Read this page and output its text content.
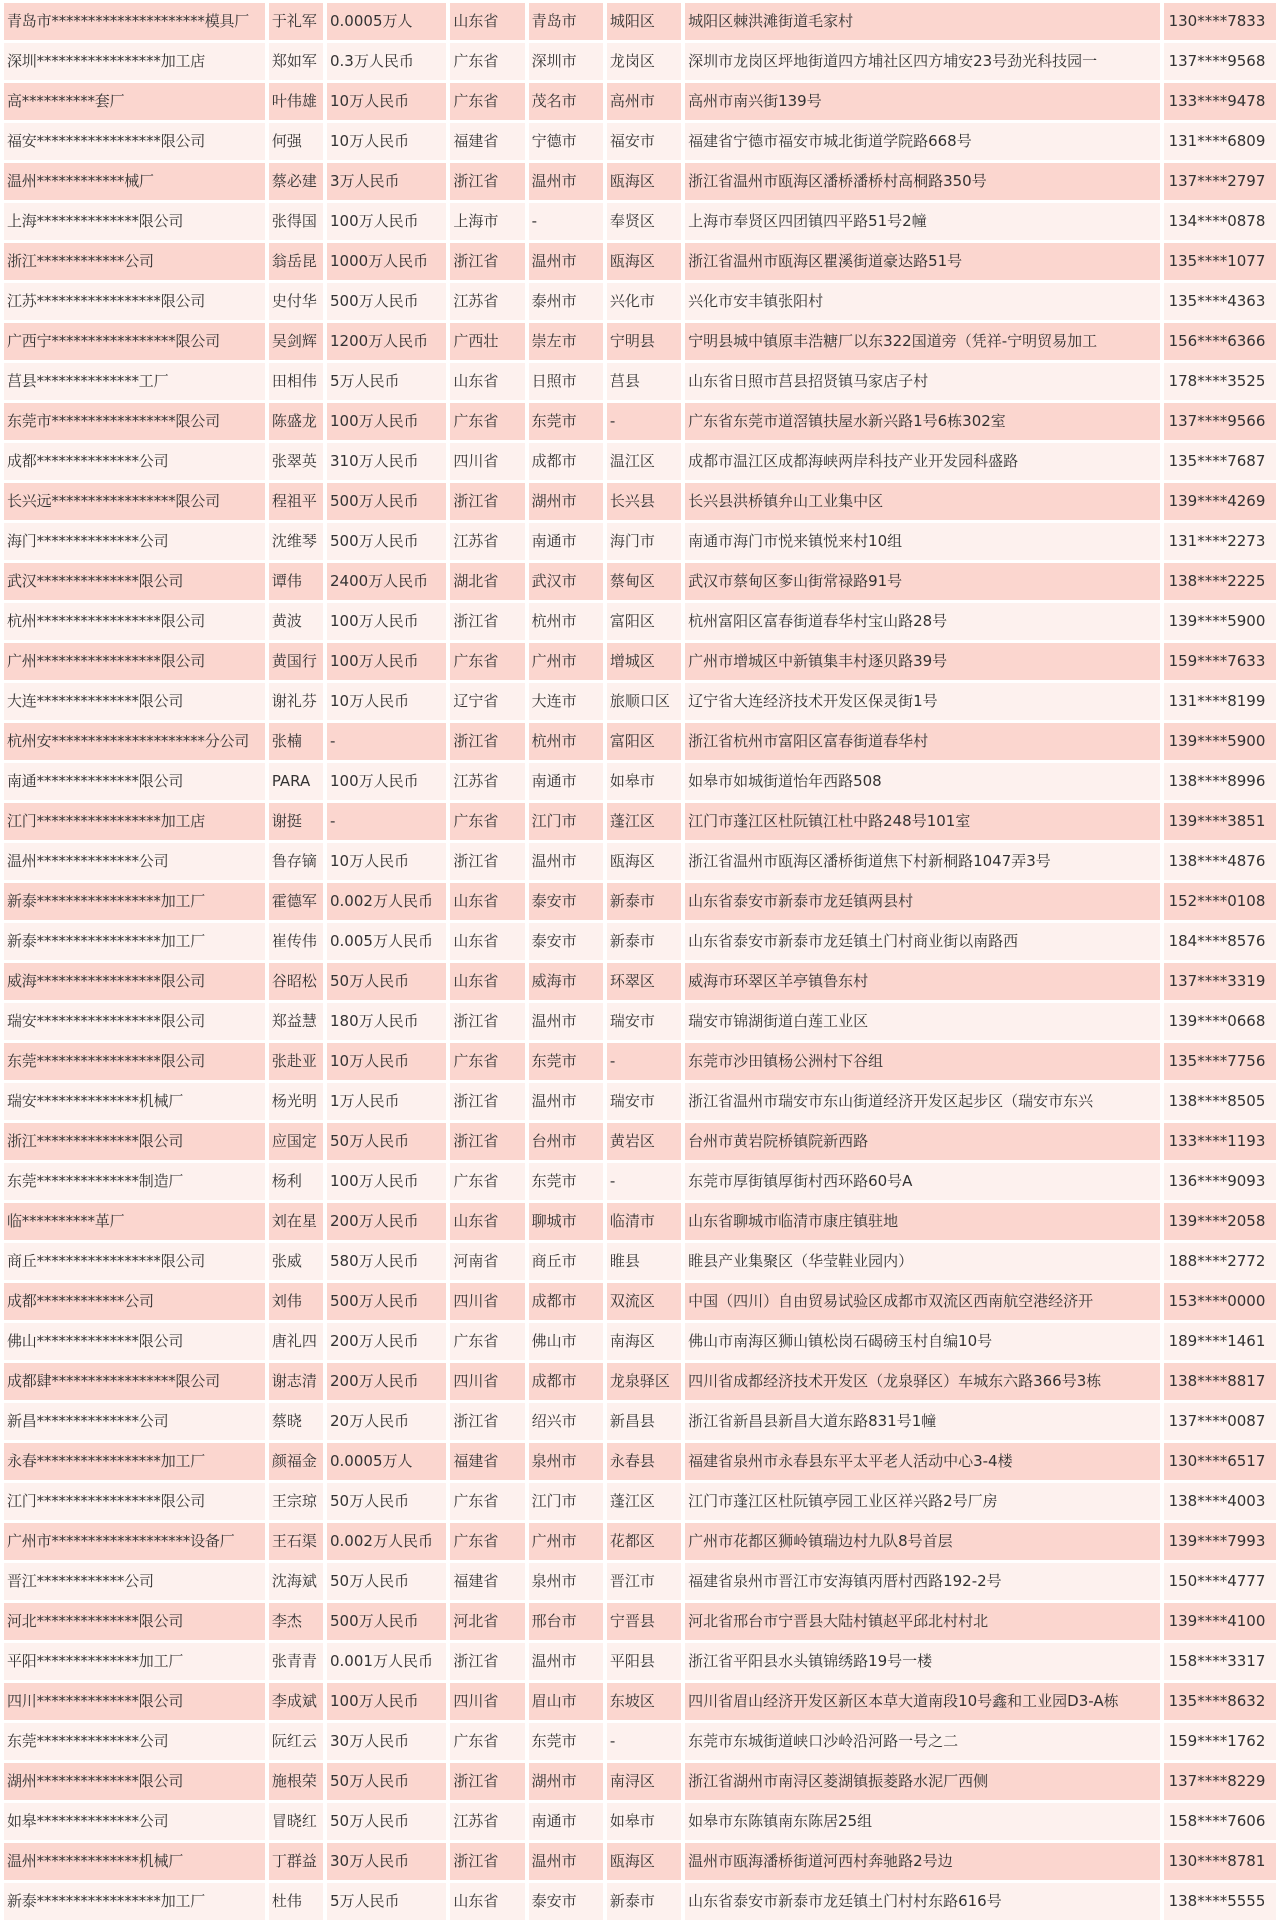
青岛市*********************模具厂	于礼军	0.0005万人	山东省	青岛市	城阳区	城阳区棘洪滩街道毛家村	130****7833
深圳*****************加工店	郑如军	0.3万人民币	广东省	深圳市	龙岗区	深圳市龙岗区坪地街道四方埔社区四方埔安23号劲光科技园一	137****9568
高**********套厂	叶伟雄	10万人民币	广东省	茂名市	高州市	高州市南兴街139号	133****9478
福安*****************限公司	何强	10万人民币	福建省	宁德市	福安市	福建省宁德市福安市城北街道学院路668号	131****6809
温州************械厂	蔡必建	3万人民币	浙江省	温州市	瓯海区	浙江省温州市瓯海区潘桥潘桥村高桐路350号	137****2797
上海**************限公司	张得国	100万人民币	上海市	-	奉贤区	上海市奉贤区四团镇四平路51号2幢	134****0878
浙江************公司	翁岳昆	1000万人民币	浙江省	温州市	瓯海区	浙江省温州市瓯海区瞿溪街道豪达路51号	135****1077
江苏*****************限公司	史付华	500万人民币	江苏省	泰州市	兴化市	兴化市安丰镇张阳村	135****4363
广西宁*****************限公司	吴剑辉	1200万人民币	广西壮	崇左市	宁明县	宁明县城中镇原丰浩糖厂以东322国道旁（凭祥-宁明贸易加工	156****6366
莒县**************工厂	田相伟	5万人民币	山东省	日照市	莒县	山东省日照市莒县招贤镇马家店子村	178****3525
东莞市*****************限公司	陈盛龙	100万人民币	广东省	东莞市	-	广东省东莞市道滘镇扶屋水新兴路1号6栋302室	137****9566
成都**************公司	张翠英	310万人民币	四川省	成都市	温江区	成都市温江区成都海峡两岸科技产业开发园科盛路	135****7687
长兴远*****************限公司	程祖平	500万人民币	浙江省	湖州市	长兴县	长兴县洪桥镇弁山工业集中区	139****4269
海门**************公司	沈维琴	500万人民币	江苏省	南通市	海门市	南通市海门市悦来镇悦来村10组	131****2273
武汉**************限公司	谭伟	2400万人民币	湖北省	武汉市	蔡甸区	武汉市蔡甸区奓山街常禄路91号	138****2225
杭州*****************限公司	黄波	100万人民币	浙江省	杭州市	富阳区	杭州富阳区富春街道春华村宝山路28号	139****5900
广州*****************限公司	黄国行	100万人民币	广东省	广州市	增城区	广州市增城区中新镇集丰村逐贝路39号	159****7633
大连**************限公司	谢礼芬	10万人民币	辽宁省	大连市	旅顺口区	辽宁省大连经济技术开发区保灵街1号	131****8199
杭州安*********************分公司	张楠	-	浙江省	杭州市	富阳区	浙江省杭州市富阳区富春街道春华村	139****5900
南通**************限公司	PARA	100万人民币	江苏省	南通市	如皋市	如皋市如城街道怡年西路508	138****8996
江门*****************加工店	谢挺	-	广东省	江门市	蓬江区	江门市蓬江区杜阮镇江杜中路248号101室	139****3851
温州**************公司	鲁存镝	10万人民币	浙江省	温州市	瓯海区	浙江省温州市瓯海区潘桥街道焦下村新桐路1047弄3号	138****4876
新泰*****************加工厂	霍德军	0.002万人民币	山东省	泰安市	新泰市	山东省泰安市新泰市龙廷镇两县村	152****0108
新泰*****************加工厂	崔传伟	0.005万人民币	山东省	泰安市	新泰市	山东省泰安市新泰市龙廷镇土门村商业街以南路西	184****8576
威海*****************限公司	谷昭松	50万人民币	山东省	威海市	环翠区	威海市环翠区羊亭镇鲁东村	137****3319
瑞安*****************限公司	郑益慧	180万人民币	浙江省	温州市	瑞安市	瑞安市锦湖街道白莲工业区	139****0668
东莞*****************限公司	张赴亚	10万人民币	广东省	东莞市	-	东莞市沙田镇杨公洲村下谷组	135****7756
瑞安**************机械厂	杨光明	1万人民币	浙江省	温州市	瑞安市	浙江省温州市瑞安市东山街道经济开发区起步区（瑞安市东兴	138****8505
浙江**************限公司	应国定	50万人民币	浙江省	台州市	黄岩区	台州市黄岩院桥镇院新西路	133****1193
东莞**************制造厂	杨利	100万人民币	广东省	东莞市	-	东莞市厚街镇厚街村西环路60号A	136****9093
临**********革厂	刘在星	200万人民币	山东省	聊城市	临清市	山东省聊城市临清市康庄镇驻地	139****2058
商丘*****************限公司	张威	580万人民币	河南省	商丘市	睢县	睢县产业集聚区（华莹鞋业园内）	188****2772
成都************公司	刘伟	500万人民币	四川省	成都市	双流区	中国（四川）自由贸易试验区成都市双流区西南航空港经济开	153****0000
佛山**************限公司	唐礼四	200万人民币	广东省	佛山市	南海区	佛山市南海区狮山镇松岗石碣磅玉村自编10号	189****1461
成都肆*****************限公司	谢志清	200万人民币	四川省	成都市	龙泉驿区	四川省成都经济技术开发区（龙泉驿区）车城东六路366号3栋	138****8817
新昌**************公司	蔡晓	20万人民币	浙江省	绍兴市	新昌县	浙江省新昌县新昌大道东路831号1幢	137****0087
永春*****************加工厂	颜福金	0.0005万人	福建省	泉州市	永春县	福建省泉州市永春县东平太平老人活动中心3-4楼	130****6517
江门*****************限公司	王宗琼	50万人民币	广东省	江门市	蓬江区	江门市蓬江区杜阮镇亭园工业区祥兴路2号厂房	138****4003
广州市*******************设备厂	王石渠	0.002万人民币	广东省	广州市	花都区	广州市花都区狮岭镇瑞边村九队8号首层	139****7993
晋江************公司	沈海斌	50万人民币	福建省	泉州市	晋江市	福建省泉州市晋江市安海镇丙厝村西路192-2号	150****4777
河北**************限公司	李杰	500万人民币	河北省	邢台市	宁晋县	河北省邢台市宁晋县大陆村镇赵平邱北村村北	139****4100
平阳**************加工厂	张青青	0.001万人民币	浙江省	温州市	平阳县	浙江省平阳县水头镇锦绣路19号一楼	158****3317
四川**************限公司	李成斌	100万人民币	四川省	眉山市	东坡区	四川省眉山经济开发区新区本草大道南段10号鑫和工业园D3-A栋	135****8632
东莞**************公司	阮红云	30万人民币	广东省	东莞市	-	东莞市东城街道峡口沙岭沿河路一号之二	159****1762
湖州**************限公司	施根荣	50万人民币	浙江省	湖州市	南浔区	浙江省湖州市南浔区菱湖镇振菱路水泥厂西侧	137****8229
如皋**************公司	冒晓红	50万人民币	江苏省	南通市	如皋市	如皋市东陈镇南东陈居25组	158****7606
温州**************机械厂	丁群益	30万人民币	浙江省	温州市	瓯海区	温州市瓯海潘桥街道河西村奔驰路2号边	130****8781
新泰*****************加工厂	杜伟	5万人民币	山东省	泰安市	新泰市	山东省泰安市新泰市龙廷镇土门村村东路616号	138****5555
